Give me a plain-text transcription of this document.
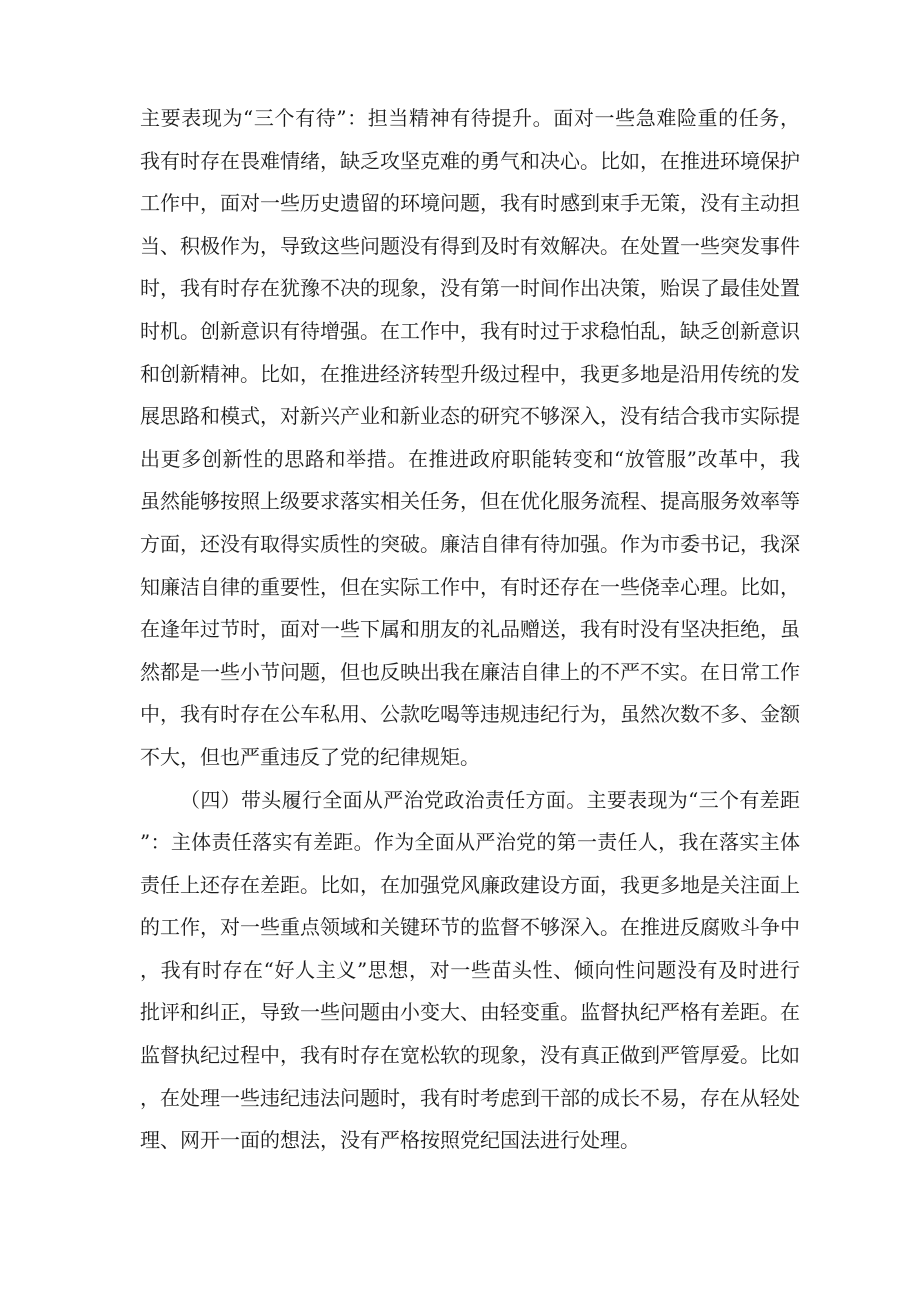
主要表现为“三个有待”：担当精神有待提升。面对一些急难险重的任务，我有时存在畏难情绪，缺乏攻坚克难的勇气和决心。比如，在推进环境保护工作中，面对一些历史遗留的环境问题，我有时感到束手无策，没有主动担当、积极作为，导致这些问题没有得到及时有效解决。在处置一些突发事件时，我有时存在犹豫不决的现象，没有第一时间作出决策，贻误了最佳处置时机。创新意识有待增强。在工作中，我有时过于求稳怕乱，缺乏创新意识和创新精神。比如，在推进经济转型升级过程中，我更多地是沿用传统的发展思路和模式，对新兴产业和新业态的研究不够深入，没有结合我市实际提出更多创新性的思路和举措。在推进政府职能转变和“放管服”改革中，我虽然能够按照上级要求落实相关任务，但在优化服务流程、提高服务效率等方面，还没有取得实质性的突破。廉洁自律有待加强。作为市委书记，我深知廉洁自律的重要性，但在实际工作中，有时还存在一些侥幸心理。比如，在逢年过节时，面对一些下属和朋友的礼品赠送，我有时没有坚决拒绝，虽然都是一些小节问题，但也反映出我在廉洁自律上的不严不实。在日常工作中，我有时存在公车私用、公款吃喝等违规违纪行为，虽然次数不多、金额不大，但也严重违反了党的纪律规矩。

（四）带头履行全面从严治党政治责任方面。主要表现为“三个有差距”：主体责任落实有差距。作为全面从严治党的第一责任人，我在落实主体责任上还存在差距。比如，在加强党风廉政建设方面，我更多地是关注面上的工作，对一些重点领域和关键环节的监督不够深入。在推进反腐败斗争中，我有时存在“好人主义”思想，对一些苗头性、倾向性问题没有及时进行批评和纠正，导致一些问题由小变大、由轻变重。监督执纪严格有差距。在监督执纪过程中，我有时存在宽松软的现象，没有真正做到严管厚爱。比如，在处理一些违纪违法问题时，我有时考虑到干部的成长不易，存在从轻处理、网开一面的想法，没有严格按照党纪国法进行处理。
